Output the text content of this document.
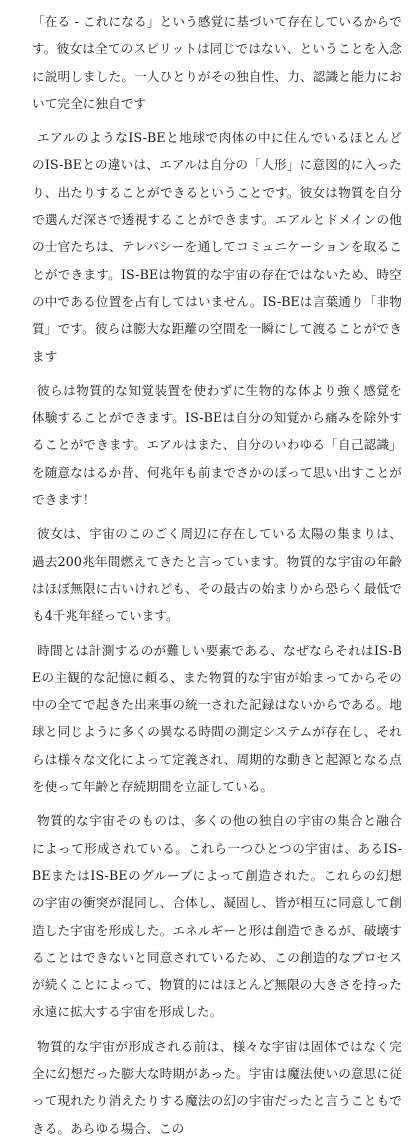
「在る - これになる」という感覚に基づいて存在しているからです。彼女は全てのスピリットは同じではない、ということを入念に説明しました。一人ひとりがその独自性、力、認識と能力において完全に独自です

エアルのようなIS-BEと地球で肉体の中に住んでいるほとんどのIS-BEとの違いは、エアルは自分の「人形」に意図的に入ったり、出たりすることができるということです。彼女は物質を自分で選んだ深さで透視することができます。エアルとドメインの他の士官たちは、テレパシーを通してコミュニケーションを取ることができます。IS-BEは物質的な宇宙の存在ではないため、時空の中である位置を占有してはいません。IS-BEは言葉通り「非物質」です。彼らは膨大な距離の空間を一瞬にして渡ることができます

彼らは物質的な知覚装置を使わずに生物的な体より強く感覚を体験することができます。IS-BEは自分の知覚から痛みを除外することができます。エアルはまた、自分のいわゆる「自己認識」を随意なはるか昔、何兆年も前までさかのぼって思い出すことができます！

彼女は、宇宙のこのごく周辺に存在している太陽の集まりは、過去200兆年間燃えてきたと言っています。物質的な宇宙の年齢はほぼ無限に古いけれども、その最古の始まりから恐らく最低でも4千兆年経っています。

時間とは計測するのが難しい要素である、なぜならそれはIS-BEの主観的な記憶に頼る、また物質的な宇宙が始まってからその中の全てで起きた出来事の統一された記録はないからである。地球と同じように多くの異なる時間の測定システムが存在し、それらは様々な文化によって定義され、周期的な動きと起源となる点を使って年齢と存続期間を立証している。

物質的な宇宙そのものは、多くの他の独自の宇宙の集合と融合によって形成されている。これら一つひとつの宇宙は、あるIS-BEまたはIS-BEのグループによって創造された。これらの幻想の宇宙の衝突が混同し、合体し、凝固し、皆が相互に同意して創造した宇宙を形成した。エネルギーと形は創造できるが、破壊することはできないと同意されているため、この創造的なプロセスが続くことによって、物質的にはほとんど無限の大きさを持った永遠に拡大する宇宙を形成した。

物質的な宇宙が形成される前は、様々な宇宙は固体ではなく完全に幻想だった膨大な時期があった。宇宙は魔法使いの意思に従って現れたり消えたりする魔法の幻の宇宙だったと言うこともできる。あらゆる場合、この
